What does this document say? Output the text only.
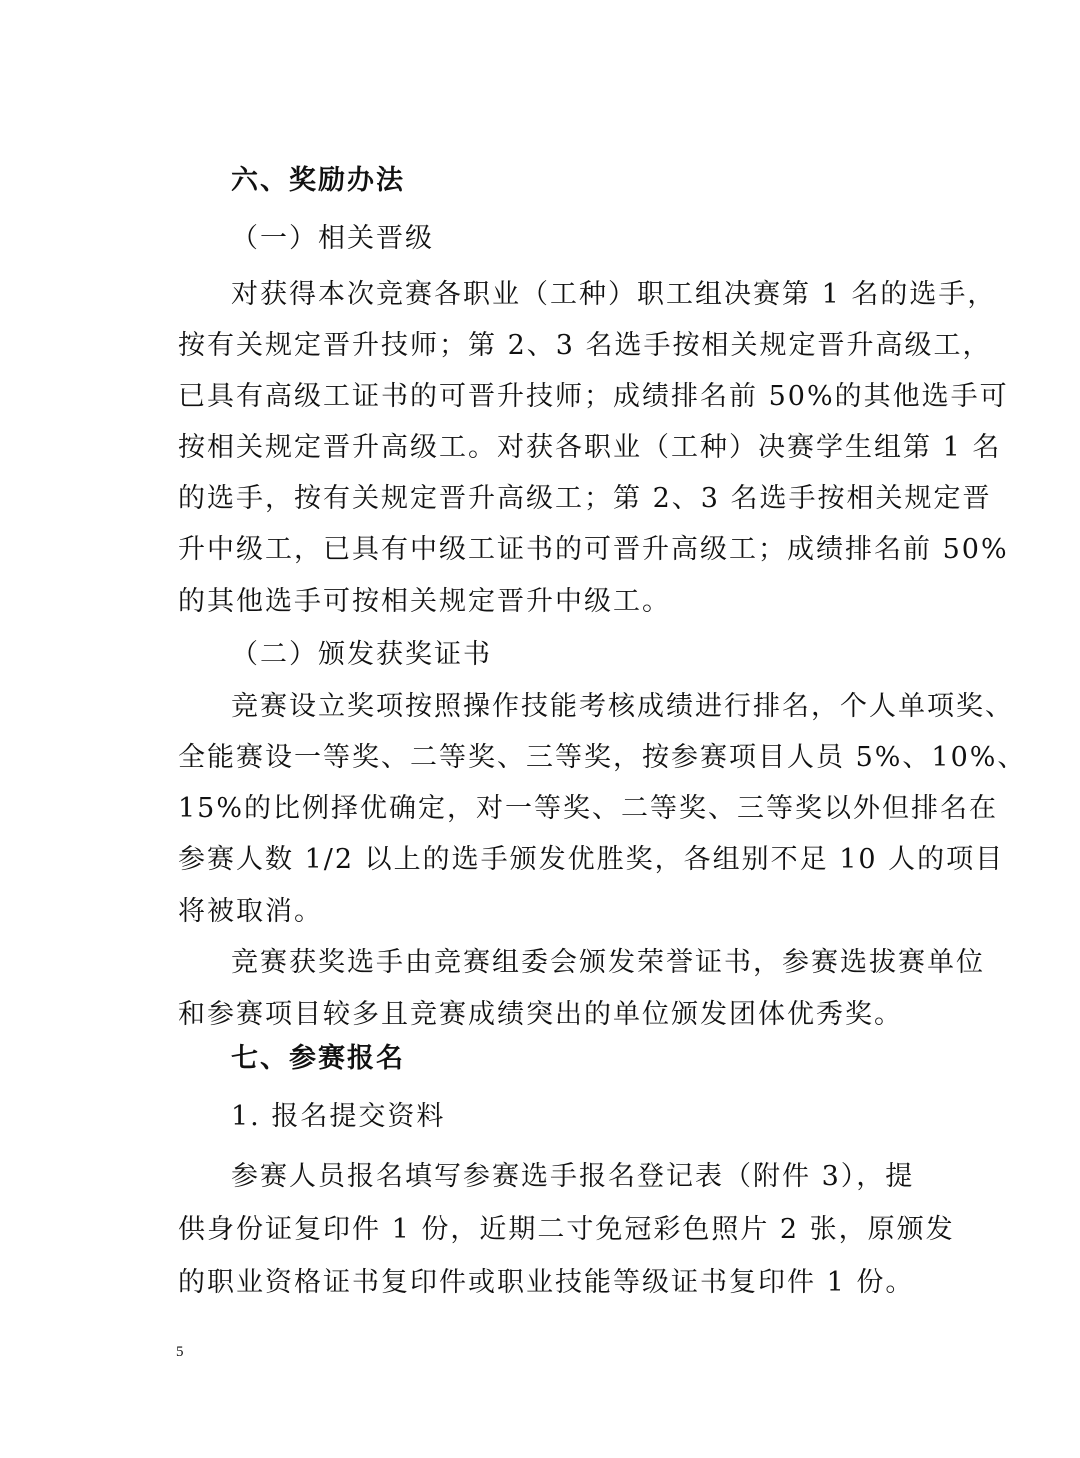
六、奖励办法
（一）相关晋级
对获得本次竞赛各职业（工种）职工组决赛第 1 名的选手，
按有关规定晋升技师；第 2、3 名选手按相关规定晋升高级工，
已具有高级工证书的可晋升技师；成绩排名前 50%的其他选手可
按相关规定晋升高级工。对获各职业（工种）决赛学生组第 1 名
的选手，按有关规定晋升高级工；第 2、3 名选手按相关规定晋
升中级工，已具有中级工证书的可晋升高级工；成绩排名前 50%
的其他选手可按相关规定晋升中级工。
（二）颁发获奖证书
竞赛设立奖项按照操作技能考核成绩进行排名，个人单项奖、
全能赛设一等奖、二等奖、三等奖，按参赛项目人员 5%、10%、
15%的比例择优确定，对一等奖、二等奖、三等奖以外但排名在
参赛人数 1/2 以上的选手颁发优胜奖，各组别不足 10 人的项目
将被取消。
竞赛获奖选手由竞赛组委会颁发荣誉证书，参赛选拔赛单位
和参赛项目较多且竞赛成绩突出的单位颁发团体优秀奖。
七、参赛报名
1. 报名提交资料
参赛人员报名填写参赛选手报名登记表（附件 3），提
供身份证复印件 1 份，近期二寸免冠彩色照片 2 张，原颁发
的职业资格证书复印件或职业技能等级证书复印件 1 份。
5
